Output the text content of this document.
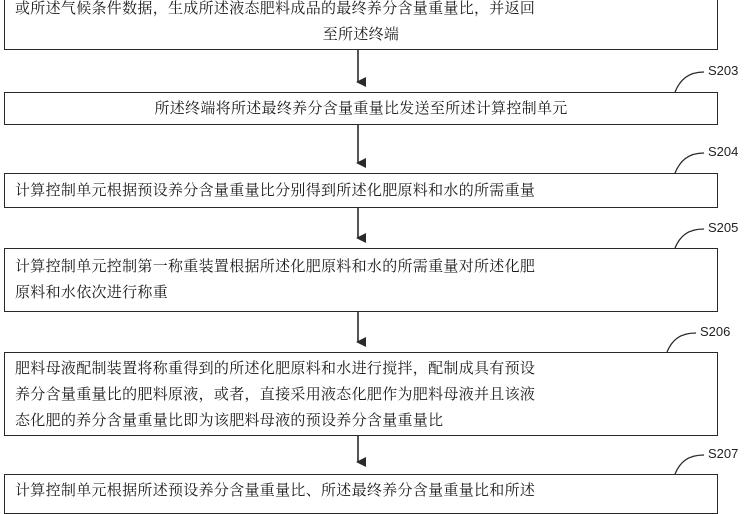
或所述气候条件数据，生成所述液态肥料成品的最终养分含量重量比，并返回
至所述终端
S203
所述终端将所述最终养分含量重量比发送至所述计算控制单元
S204
计算控制单元根据预设养分含量重量比分别得到所述化肥原料和水的所需重量
S205
计算控制单元控制第一称重装置根据所述化肥原料和水的所需重量对所述化肥
原料和水依次进行称重
S206
肥料母液配制装置将称重得到的所述化肥原料和水进行搅拌，配制成具有预设
养分含量重量比的肥料原液，或者，直接采用液态化肥作为肥料母液并且该液
态化肥的养分含量重量比即为该肥料母液的预设养分含量重量比
S207
计算控制单元根据所述预设养分含量重量比、所述最终养分含量重量比和所述
